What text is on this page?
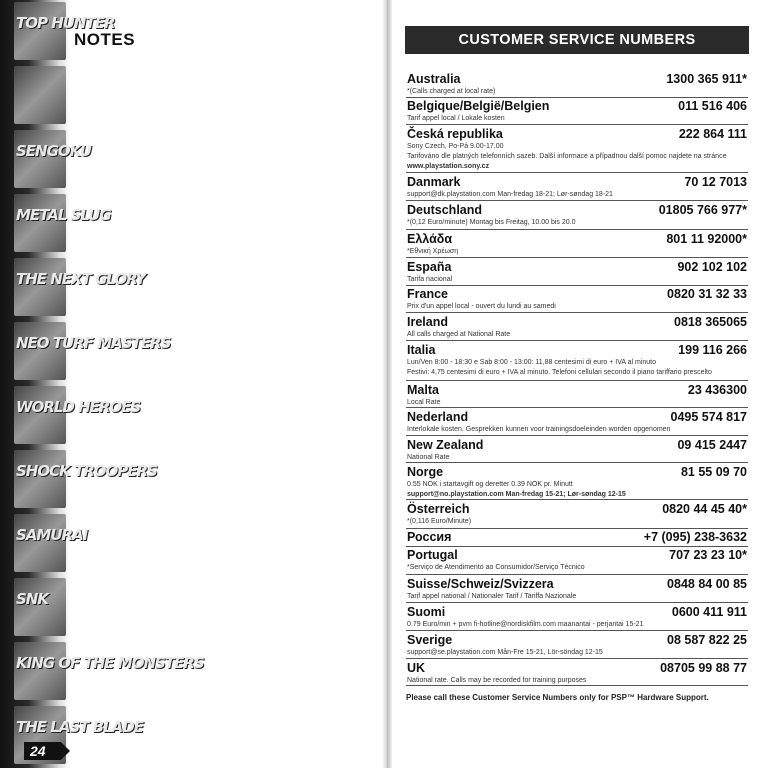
TOP HUNTER
SENGOKU
METAL SLUG
THE NEXT GLORY
NEO TURF MASTERS
WORLD HEROES
SHOCK TROOPERS
SAMURAI
SNK
KING OF THE MONSTERS
THE LAST BLADE
NOTES
24
CUSTOMER SERVICE NUMBERS
Australia	1300 365 911*
*(Calls charged at local rate)
Belgique/België/Belgien	011 516 406
Tarif appel local / Lokale kosten
Česká republika	222 864 111
Sony Czech, Po-Pá 9.00-17.00
Tarifováno dle platných telefonních sazeb. Další informace a případnou další pomoc najdete na stránce
www.playstation.sony.cz
Danmark	70 12 7013
support@dk.playstation.com Man-fredag 18-21; Lør-søndag 18-21
Deutschland	01805 766 977*
*(0,12 Euro/minute) Montag bis Freitag, 10.00 bis 20.0
Ελλάδα	801 11 92000*
*Εθνική Χρέωση
España	902 102 102
Tarifa nacional
France	0820 31 32 33
Prix d'un appel local - ouvert du lundi au samedi
Ireland	0818 365065
All calls charged at National Rate
Italia	199 116 266
Lun/Ven 8:00 - 18:30 e Sab 8:00 - 13:00: 11,88 centesimi di euro + IVA al minuto
Festivi: 4,75 centesimi di euro + IVA al minuto. Telefoni cellulari secondo il piano tariffario prescelto
Malta	23 436300
Local Rate
Nederland	0495 574 817
Interlokale kosten. Gesprekken kunnen voor trainingsdoeleinden worden opgenomen
New Zealand	09 415 2447
National Rate
Norge	81 55 09 70
0.55 NOK i startavgift og deretter 0.39 NOK pr. Minutt
support@no.playstation.com Man-fredag 15-21; Lør-søndag 12-15
Österreich	0820 44 45 40*
*(0,116 Euro/Minute)
Россия	+7 (095) 238-3632
Portugal	707 23 23 10*
*Serviço de Atendimento ao Consumidor/Serviço Técnico
Suisse/Schweiz/Svizzera	0848 84 00 85
Tarif appel national / Nationaler Tarif / Tariffa Nazionale
Suomi	0600 411 911
0.79 Euro/min + pvm fi-hotline@nordiskfilm.com maanantai - perjantai 15-21
Sverige	08 587 822 25
support@se.playstation.com Mån-Fre 15-21, Lör-söndag 12-15
UK	08705 99 88 77
National rate. Calls may be recorded for training purposes
Please call these Customer Service Numbers only for PSP™ Hardware Support.
